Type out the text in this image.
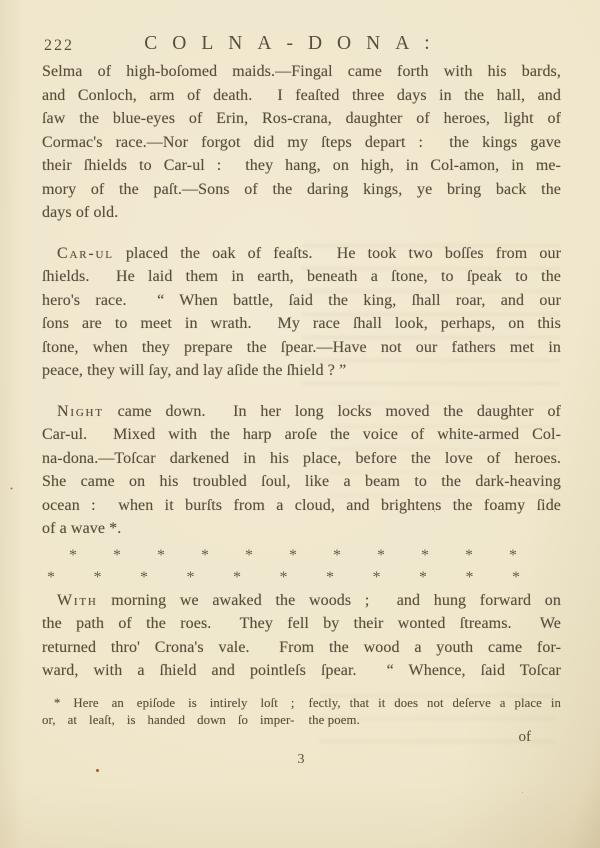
222	COLNA-DONA:
Selma of high-boſomed maids.—Fingal came forth with his bards,
and Conloch, arm of death.  I feaſted three days in the hall, and
ſaw the blue-eyes of Erin, Ros-crana, daughter of heroes, light of
Cormac's race.—Nor forgot did my ſteps depart :  the kings gave
their ſhields to Car-ul :  they hang, on high, in Col-amon, in me-
mory of the paſt.—Sons of the daring kings, ye bring back the
days of old.
Car-ul placed the oak of feaſts.  He took two boſſes from our
ſhields.  He laid them in earth, beneath a ſtone, to ſpeak to the
hero's race.  “ When battle, ſaid the king, ſhall roar, and our
ſons are to meet in wrath.  My race ſhall look, perhaps, on this
ſtone, when they prepare the ſpear.—Have not our fathers met in
peace, they will ſay, and lay aſide the ſhield ? ”
Night came down.  In her long locks moved the daughter of
Car-ul.  Mixed with the harp aroſe the voice of white-armed Col-
na-dona.—Toſcar darkened in his place, before the love of heroes.
She came on his troubled ſoul, like a beam to the dark-heaving
ocean :  when it burſts from a cloud, and brightens the foamy ſide
of a wave *.
* * * * * * * * * * *
* * * * * * * * * * *
With morning we awaked the woods ;  and hung forward on
the path of the roes.  They fell by their wonted ſtreams.  We
returned thro' Crona's vale.  From the wood a youth came for-
ward, with a ſhield and pointleſs ſpear.  “ Whence, ſaid Toſcar
* Here an epiſode is intirely loſt ;
or, at leaſt, is handed down ſo imper-
fectly, that it does not deſerve a place in
the poem.
of
3
